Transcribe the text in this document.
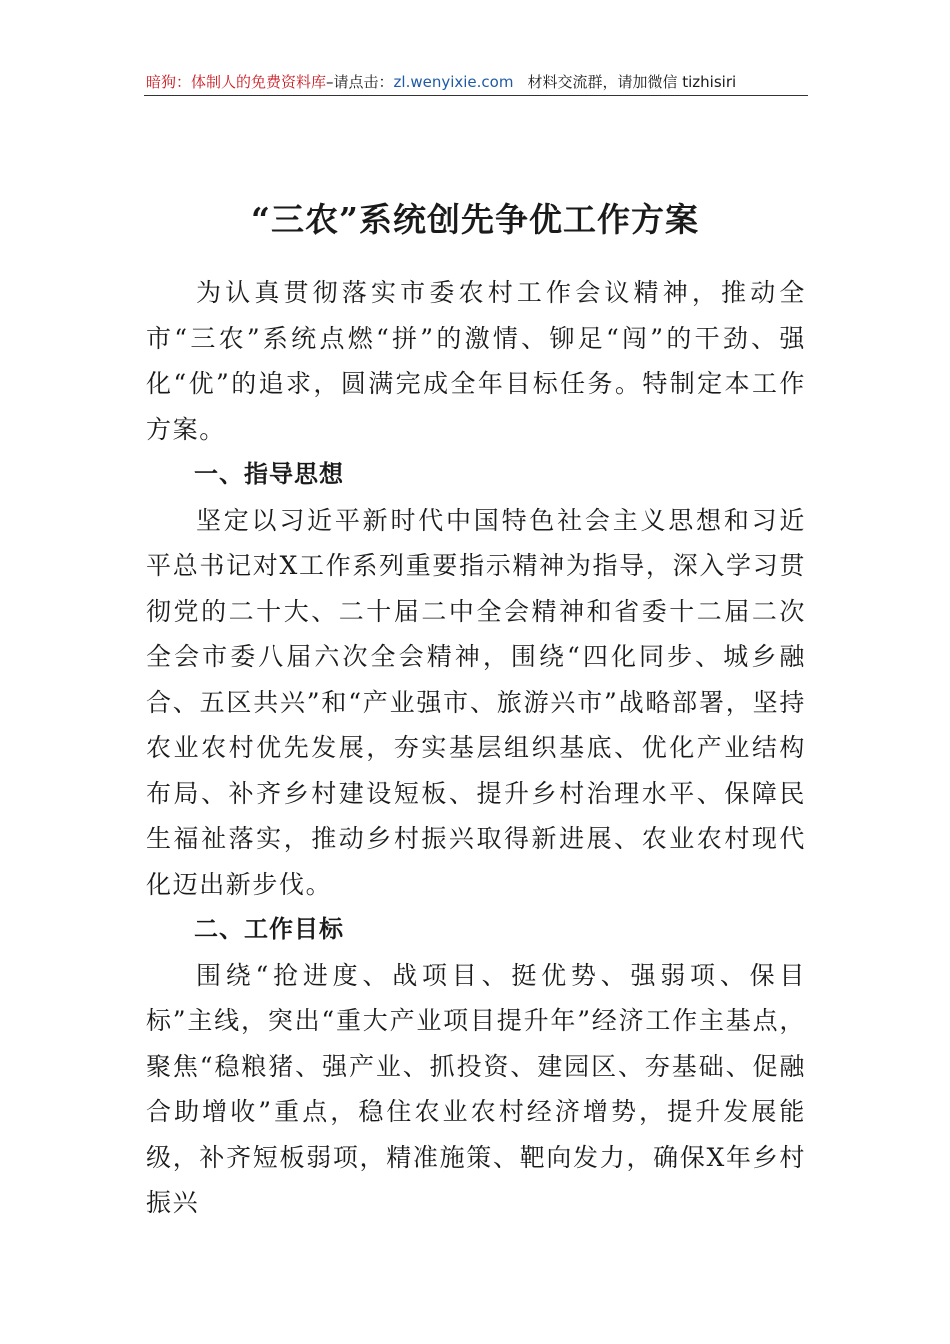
暗狗：体制人的免费资料库–请点击：zl.wenyixie.com 材料交流群，请加微信 tizhisiri
“三农”系统创先争优工作方案

为认真贯彻落实市委农村工作会议精神，推动全市“三农”系统点燃“拼”的激情、铆足“闯”的干劲、强化“优”的追求，圆满完成全年目标任务。特制定本工作方案。

一、指导思想

坚定以习近平新时代中国特色社会主义思想和习近平总书记对X工作系列重要指示精神为指导，深入学习贯彻党的二十大、二十届二中全会精神和省委十二届二次全会市委八届六次全会精神，围绕“四化同步、城乡融合、五区共兴”和“产业强市、旅游兴市”战略部署，坚持农业农村优先发展，夯实基层组织基底、优化产业结构布局、补齐乡村建设短板、提升乡村治理水平、保障民生福祉落实，推动乡村振兴取得新进展、农业农村现代化迈出新步伐。

二、工作目标

围绕“抢进度、战项目、挺优势、强弱项、保目标”主线，突出“重大产业项目提升年”经济工作主基点，聚焦“稳粮猪、强产业、抓投资、建园区、夯基础、促融合助增收”重点，稳住农业农村经济增势，提升发展能级，补齐短板弱项，精准施策、靶向发力，确保X年乡村振兴
